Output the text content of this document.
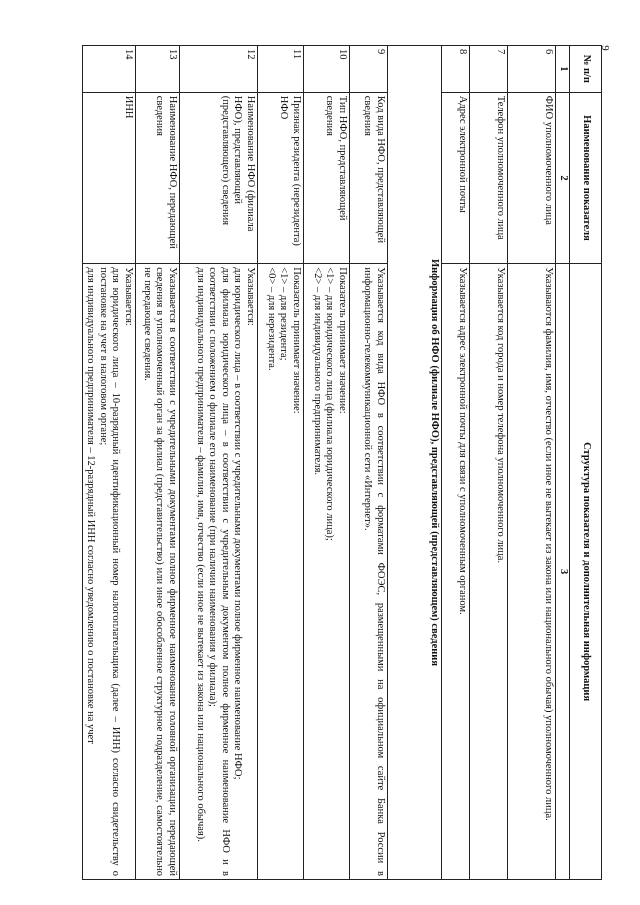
9
№ п/п	Наименование показателя	Структура показателя и дополнительная информация
1	2	3
6	ФИО уполномоченного лица	Указываются фамилия, имя, отчество (если иное не вытекает из закона или национального обычая) уполномоченного лица.

7	Телефон уполномоченного лица	Указывается код города и номер телефона уполномоченного лица.

8	Адрес электронной почты	Указывается адрес электронной почты для связи с уполномоченным органом.

Информация об НФО (филиале НФО), представляющей (представляющем) сведения		
9	Код вида НФО, представляющей сведения	Указывается код вида НФО в соответствии с форматами ФОЭС, размещенными на официальном сайте Банка России в информационно-телекоммуникационной сети «Интернет».

10	Тип НФО, представляющей сведения	Показатель принимает значение:
<1> – для юридического лица (филиала юридического лица);
<2> – для индивидуального предпринимателя.

11	Признак резидента (нерезидента) НФО	Показатель принимает значение:
<1> – для резидента;
<0> – для нерезидента.

12	Наименование НФО (филиала НФО), представляющей (представляющего) сведения	Указывается:
для юридического лица – в соответствии с учредительными документами полное фирменное наименование НФО;
для филиала юридического лица – в соответствии с учредительным документом полное фирменное наименование НФО и в соответствии с положением о филиале его наименование (при наличии наименования у филиала);
для индивидуального предпринимателя – фамилия, имя, отчество (если иное не вытекает из закона или национального обычая).

13	Наименование НФО, передающей сведения	Указывается в соответствии с учредительными документами полное фирменное наименование головной организации, передающей сведения в уполномоченный орган за филиал (представительство) или иное обособленное структурное подразделение, самостоятельно не передающее сведения.

14	ИНН	Указывается:
для юридического лица – 10-разрядный идентификационный номер налогоплательщика (далее – ИНН) согласно свидетельству о постановке на учет в налоговом органе;
для индивидуального предпринимателя – 12-разрядный ИНН согласно уведомлению о постановке на учет
